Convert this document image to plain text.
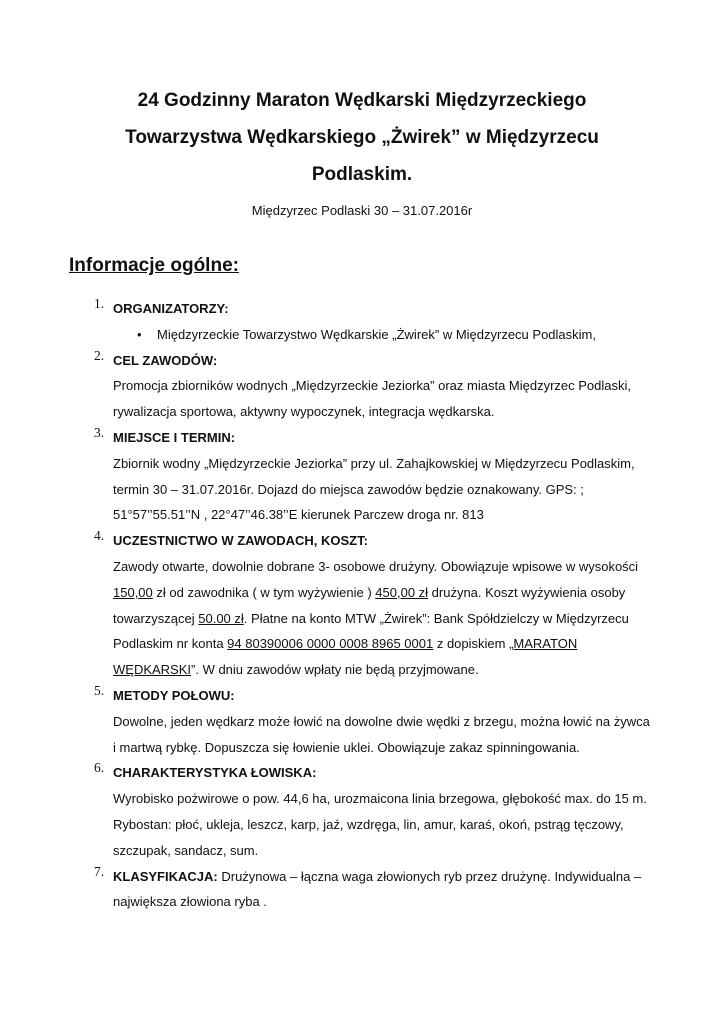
24 Godzinny Maraton Wędkarski Międzyrzeckiego
Towarzystwa Wędkarskiego „Żwirek” w Międzyrzecu
Podlaskim.

Międzyrzec Podlaski 30 – 31.07.2016r

Informacje ogólne:
1. ORGANIZATORZY:
• Międzyrzeckie Towarzystwo Wędkarskie „Żwirek” w Międzyrzecu Podlaskim,
2. CEL ZAWODÓW:
Promocja zbiorników wodnych „Międzyrzeckie Jeziorka” oraz miasta Międzyrzec Podlaski,
rywalizacja sportowa, aktywny wypoczynek, integracja wędkarska.
3. MIEJSCE I TERMIN:
Zbiornik wodny „Międzyrzeckie Jeziorka” przy ul. Zahajkowskiej w Międzyrzecu Podlaskim,
termin 30 – 31.07.2016r. Dojazd do miejsca zawodów będzie oznakowany. GPS: ;
51°57’’55.51’’N , 22°47’’46.38’’E kierunek Parczew droga nr. 813
4. UCZESTNICTWO W ZAWODACH, KOSZT:
Zawody otwarte, dowolnie dobrane 3- osobowe drużyny. Obowiązuje wpisowe w wysokości
150,00 zł od zawodnika ( w tym wyżywienie ) 450,00 zł drużyna. Koszt wyżywienia osoby
towarzyszącej 50.00 zł. Płatne na konto MTW „Żwirek”: Bank Spółdzielczy w Międzyrzecu
Podlaskim nr konta 94 80390006 0000 0008 8965 0001 z dopiskiem „MARATON
WĘDKARSKI”. W dniu zawodów wpłaty nie będą przyjmowane.
5. METODY POŁOWU:
Dowolne, jeden wędkarz może łowić na dowolne dwie wędki z brzegu, można łowić na żywca
i martwą rybkę. Dopuszcza się łowienie uklei. Obowiązuje zakaz spinningowania.
6. CHARAKTERYSTYKA ŁOWISKA:
Wyrobisko pożwirowe o pow. 44,6 ha, urozmaicona linia brzegowa, głębokość max. do 15 m.
Rybostan: płoć, ukleja, leszcz, karp, jaź, wzdręga, lin, amur, karaś, okoń, pstrąg tęczowy,
szczupak, sandacz, sum.
7. KLASYFIKACJA: Drużynowa – łączna waga złowionych ryb przez drużynę. Indywidualna –
największa złowiona ryba .
